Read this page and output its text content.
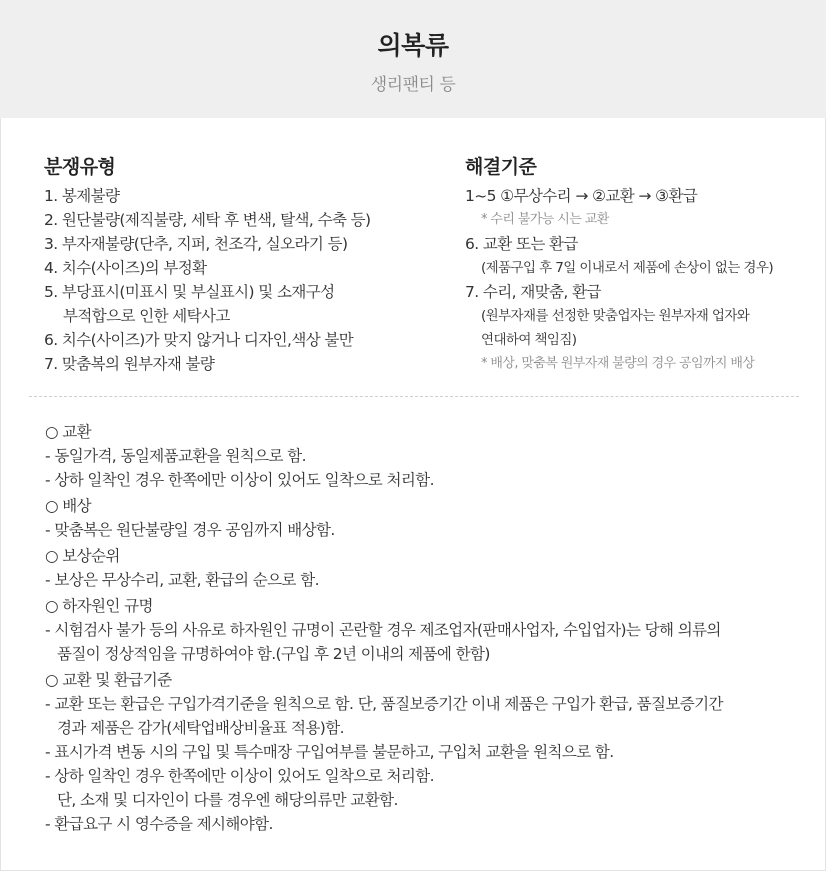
의복류
생리팬티 등
분쟁유형
1. 봉제불량
2. 원단불량(제직불량, 세탁 후 변색, 탈색, 수축 등)
3. 부자재불량(단추, 지퍼, 천조각, 실오라기 등)
4. 치수(사이즈)의 부정확
5. 부당표시(미표시 및 부실표시) 및 소재구성
부적합으로 인한 세탁사고
6. 치수(사이즈)가 맞지 않거나 디자인,색상 불만
7. 맞춤복의 원부자재 불량
해결기준
1~5 ①무상수리 → ②교환 → ③환급
* 수리 불가능 시는 교환
6. 교환 또는 환급
(제품구입 후 7일 이내로서 제품에 손상이 없는 경우)
7. 수리, 재맞춤, 환급
(원부자재를 선정한 맞춤업자는 원부자재 업자와
연대하여 책임짐)
* 배상, 맞춤복 원부자재 불량의 경우 공임까지 배상
○ 교환
- 동일가격, 동일제품교환을 원칙으로 함.
- 상하 일착인 경우 한쪽에만 이상이 있어도 일착으로 처리함.
○ 배상
- 맞춤복은 원단불량일 경우 공임까지 배상함.
○ 보상순위
- 보상은 무상수리, 교환, 환급의 순으로 함.
○ 하자원인 규명
- 시험검사 불가 등의 사유로 하자원인 규명이 곤란할 경우 제조업자(판매사업자, 수입업자)는 당해 의류의
품질이 정상적임을 규명하여야 함.(구입 후 2년 이내의 제품에 한함)
○ 교환 및 환급기준
- 교환 또는 환급은 구입가격기준을 원칙으로 함. 단, 품질보증기간 이내 제품은 구입가 환급, 품질보증기간
경과 제품은 감가(세탁업배상비율표 적용)함.
- 표시가격 변동 시의 구입 및 특수매장 구입여부를 불문하고, 구입처 교환을 원칙으로 함.
- 상하 일착인 경우 한쪽에만 이상이 있어도 일착으로 처리함.
단, 소재 및 디자인이 다를 경우엔 해당의류만 교환함.
- 환급요구 시 영수증을 제시해야함.
